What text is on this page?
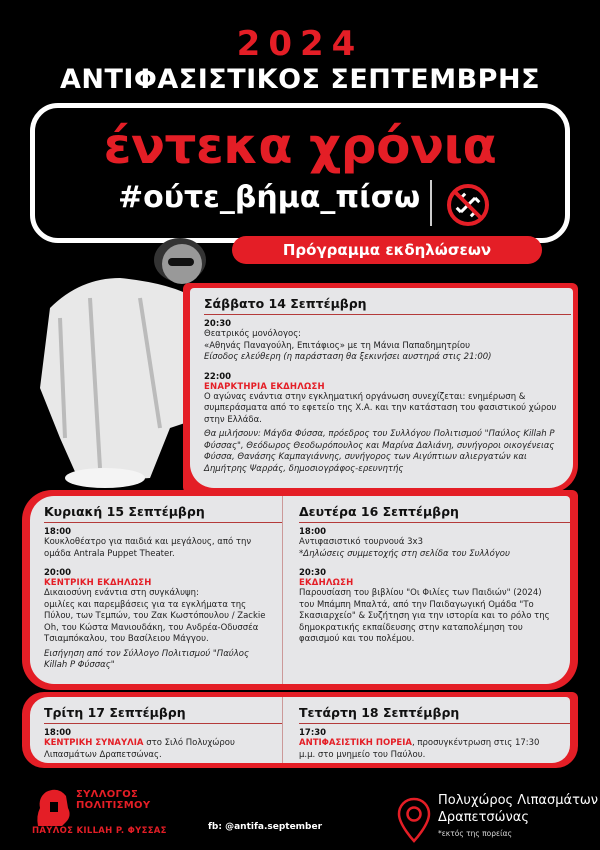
2024
ΑΝΤΙΦΑΣΙΣΤΙΚΟΣ ΣΕΠΤΕΜΒΡΗΣ
έντεκα χρόνια
#ούτε_βήμα_πίσω
Πρόγραμμα εκδηλώσεων
Σάββατο 14 Σεπτέμβρη
20:30
Θεατρικός μονόλογος:
«Αθηνάς Παναγούλη, Επιτάφιος» με τη Μάνια Παπαδημητρίου
Είσοδος ελεύθερη (η παράσταση θα ξεκινήσει αυστηρά στις 21:00)
22:00
ΕΝΑΡΚΤΗΡΙΑ ΕΚΔΗΛΩΣΗ
Ο αγώνας ενάντια στην εγκληματική οργάνωση συνεχίζεται: ενημέρωση & συμπεράσματα από το εφετείο της Χ.Α. και την κατάσταση του φασιστικού χώρου στην Ελλάδα.
Θα μιλήσουν: Μάγδα Φύσσα, πρόεδρος του Συλλόγου Πολιτισμού "Παύλος Killah P Φύσσας", Θεόδωρος Θεοδωρόπουλος και Μαρίνα Δαλιάνη, συνήγοροι οικογένειας Φύσσα, Θανάσης Καμπαγιάννης, συνήγορος των Αιγύπτιων αλιεργατών και Δημήτρης Ψαρράς, δημοσιογράφος-ερευνητής
Κυριακή 15 Σεπτέμβρη
18:00
Κουκλοθέατρο για παιδιά και μεγάλους, από την ομάδα Antrala Puppet Theater.
20:00
ΚΕΝΤΡΙΚΗ ΕΚΔΗΛΩΣΗ
Δικαιοσύνη ενάντια στη συγκάλυψη:
ομιλίες και παρεμβάσεις για τα εγκλήματα της Πύλου, των Τεμπών, του Ζακ Κωστόπουλου / Zackie Oh, του Κώστα Μανιουδάκη, του Ανδρέα-Οδυσσέα Τσιαμπόκαλου, του Βασίλειου Μάγγου.
Εισήγηση από τον Σύλλογο Πολιτισμού "Παύλος Killah P Φύσσας"
Δευτέρα 16 Σεπτέμβρη
18:00
Αντιφασιστικό τουρνουά 3x3
*Δηλώσεις συμμετοχής στη σελίδα του Συλλόγου
20:30
ΕΚΔΗΛΩΣΗ
Παρουσίαση του βιβλίου "Οι Φιλίες των Παιδιών" (2024) του Μπάμπη Μπαλτά, από την Παιδαγωγική Ομάδα "Το Σκασιαρχείο" & Συζήτηση για την ιστορία και το ρόλο της δημοκρατικής εκπαίδευσης στην καταπολέμηση του φασισμού και του πολέμου.
Τρίτη 17 Σεπτέμβρη
18:00
ΚΕΝΤΡΙΚΗ ΣΥΝΑΥΛΙΑ στο Σιλό Πολυχώρου Λιπασμάτων Δραπετσώνας.
Τετάρτη 18 Σεπτέμβρη
17:30
ΑΝΤΙΦΑΣΙΣΤΙΚΗ ΠΟΡΕΙΑ, προσυγκέντρωση στις 17:30 μ.μ. στο μνημείο του Παύλου.
ΣΥΛΛΟΓΟΣ
ΠΟΛΙΤΙΣΜΟΥ
ΠΑΥΛΟΣ KILLAH P. ΦΥΣΣΑΣ	fb: @antifa.september
Πολυχώρος Λιπασμάτων
Δραπετσώνας
*εκτός της πορείας
